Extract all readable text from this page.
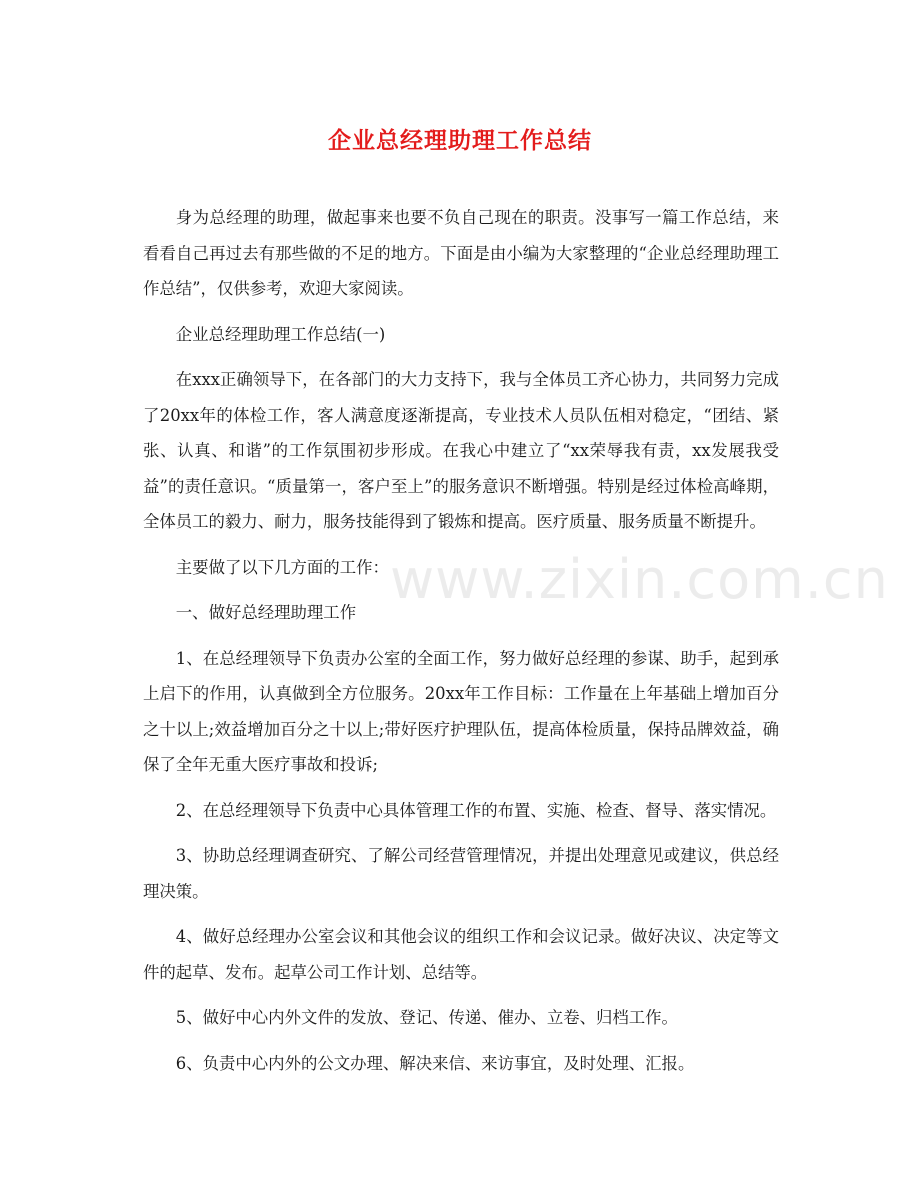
企业总经理助理工作总结
www.zixin.com.cn

身为总经理的助理，做起事来也要不负自己现在的职责。没事写一篇工作总结，来看看自己再过去有那些做的不足的地方。下面是由小编为大家整理的“企业总经理助理工作总结”，仅供参考，欢迎大家阅读。

企业总经理助理工作总结(一)

在xxx正确领导下，在各部门的大力支持下，我与全体员工齐心协力，共同努力完成了20xx年的体检工作，客人满意度逐渐提高，专业技术人员队伍相对稳定，“团结、紧张、认真、和谐”的工作氛围初步形成。在我心中建立了“xx荣辱我有责，xx发展我受益”的责任意识。“质量第一，客户至上”的服务意识不断增强。特别是经过体检高峰期，全体员工的毅力、耐力，服务技能得到了锻炼和提高。医疗质量、服务质量不断提升。

主要做了以下几方面的工作：

一、做好总经理助理工作

1、在总经理领导下负责办公室的全面工作，努力做好总经理的参谋、助手，起到承上启下的作用，认真做到全方位服务。20xx年工作目标：工作量在上年基础上增加百分之十以上;效益增加百分之十以上;带好医疗护理队伍，提高体检质量，保持品牌效益，确保了全年无重大医疗事故和投诉;

2、在总经理领导下负责中心具体管理工作的布置、实施、检查、督导、落实情况。

3、协助总经理调查研究、了解公司经营管理情况，并提出处理意见或建议，供总经理决策。

4、做好总经理办公室会议和其他会议的组织工作和会议记录。做好决议、决定等文件的起草、发布。起草公司工作计划、总结等。

5、做好中心内外文件的发放、登记、传递、催办、立卷、归档工作。

6、负责中心内外的公文办理、解决来信、来访事宜，及时处理、汇报。
